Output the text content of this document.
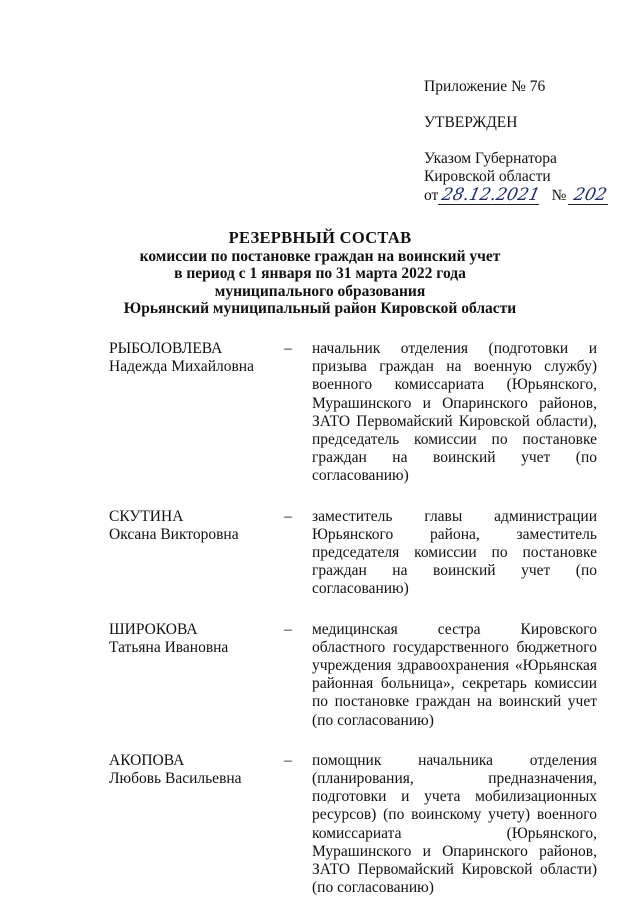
Приложение № 76
УТВЕРЖДЕН
Указом Губернатора
Кировской области
от 28.12.2021 № 202
РЕЗЕРВНЫЙ СОСТАВ
комиссии по постановке граждан на воинский учет
в период с 1 января по 31 марта 2022 года
муниципального образования
Юрьянский муниципальный район Кировской области
РЫБОЛОВЛЕВА
Надежда Михайловна
–	начальник отделения (подготовки и призыва граждан на военную службу) военного комиссариата (Юрьянского, Мурашинского и Опаринского районов, ЗАТО Первомайский Кировской области), председатель комиссии по постановке граждан на воинский учет (по согласованию)
СКУТИНА
Оксана Викторовна
–	заместитель главы администрации Юрьянского района, заместитель председателя комиссии по постановке граждан на воинский учет (по согласованию)
ШИРОКОВА
Татьяна Ивановна
–	медицинская сестра Кировского областного государственного бюджетного учреждения здравоохранения «Юрьянская районная больница», секретарь комиссии по постановке граждан на воинский учет (по согласованию)
АКОПОВА
Любовь Васильевна
–	помощник начальника отделения (планирования, предназначения, подготовки и учета мобилизационных ресурсов) (по воинскому учету) военного комиссариата (Юрьянского, Мурашинского и Опаринского районов, ЗАТО Первомайский Кировской области) (по согласованию)
